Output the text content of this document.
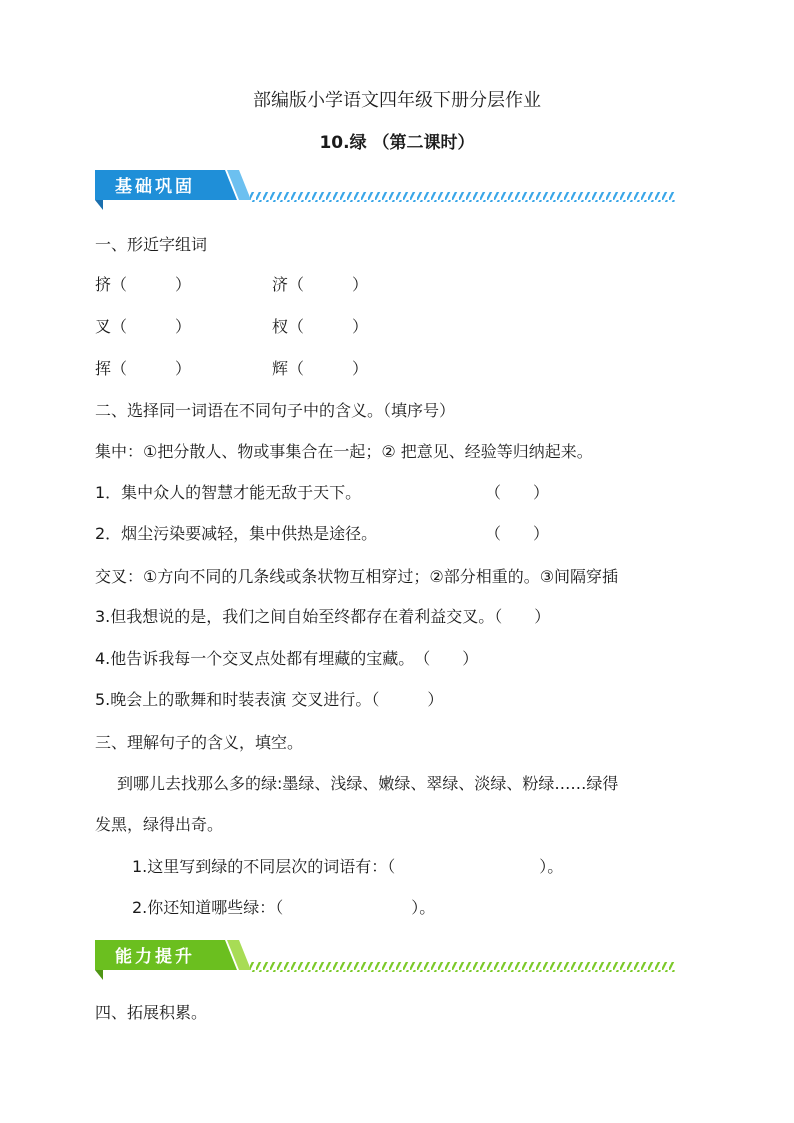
部编版小学语文四年级下册分层作业
10.绿 （第二课时）
基础巩固
一、形近字组词
挤（　　　）	济（　　　）
叉（　　　）	杈（　　　）
挥（　　　）	辉（　　　）
二、选择同一词语在不同句子中的含义。（填序号）
集中：①把分散人、物或事集合在一起；② 把意见、经验等归纳起来。
1．集中众人的智慧才能无敌于天下。	（　　）
2．烟尘污染要减轻，集中供热是途径。	（　　）
交叉：①方向不同的几条线或条状物互相穿过；②部分相重的。③间隔穿插
3.但我想说的是，我们之间自始至终都存在着利益交叉。（　　）
4.他告诉我每一个交叉点处都有埋藏的宝藏。　（　　）
5.晚会上的歌舞和时装表演 交叉进行。（　　　）
三、理解句子的含义，填空。
到哪儿去找那么多的绿:墨绿、浅绿、嫩绿、翠绿、淡绿、粉绿……绿得
发黑，绿得出奇。
1.这里写到绿的不同层次的词语有：（　　　　　　　　　）。
2.你还知道哪些绿：（　　　　　　　　）。
能力提升
四、拓展积累。
